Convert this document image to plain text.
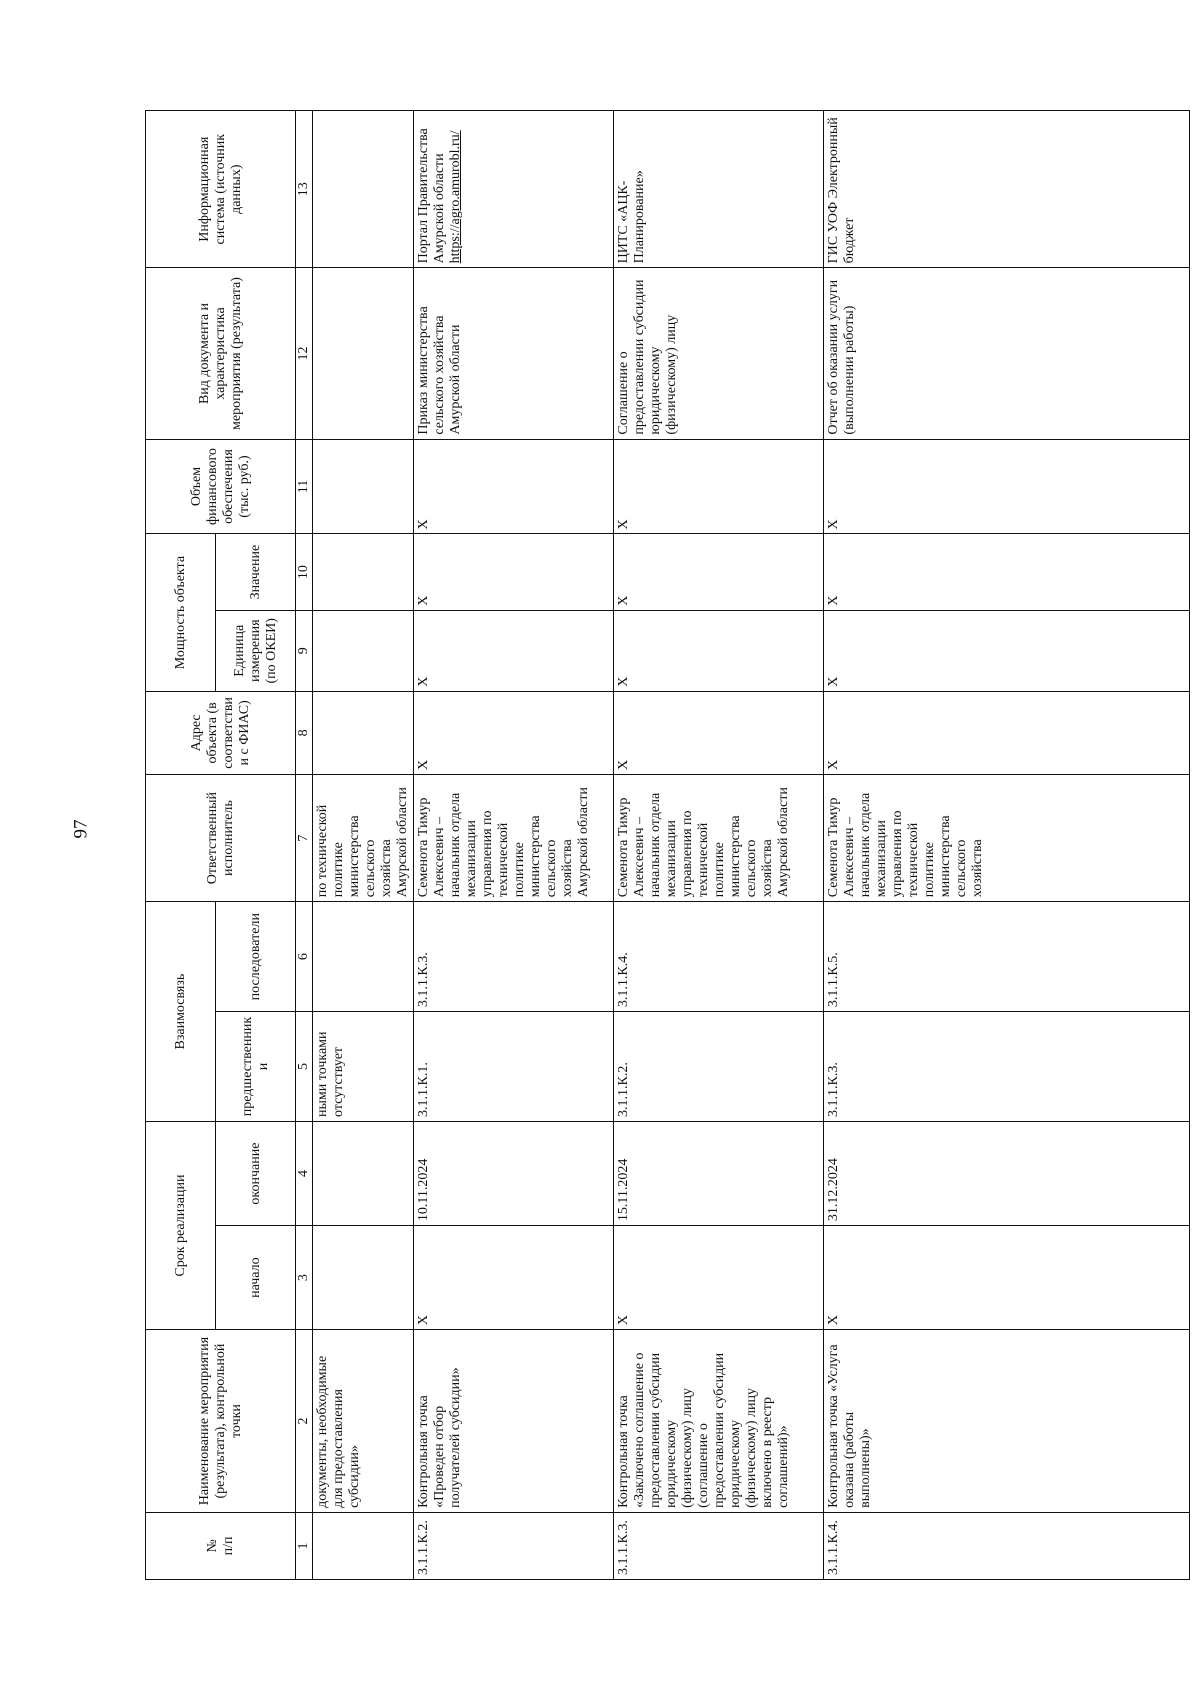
97
№
п/п	Наименование мероприятия (результата), контрольной точки	Срок реализации		Взаимосвязь		Ответственный исполнитель	Адрес объекта (в соответствии с ФИАС)	Мощность объекта		Объем финансового обеспечения (тыс. руб.)	Вид документа и характеристика мероприятия (результата)	Информационная система (источник данных)
		начало	окончание	предшественники	последователи			Единица измерения (по ОКЕИ)	Значение			
1	2	3	4	5	6	7	8	9	10	11	12	13
	документы, необходимые для предоставления субсидии»			ными точками отсутствует		по технической политике министерства сельского хозяйства Амурской области						
3.1.1.К.2.	Контрольная точка «Проведен отбор получателей субсидии»	X	10.11.2024	3.1.1.К.1.	3.1.1.К.3.	Семенота Тимур Алексеевич – начальник отдела механизации управления по технической политике министерства сельского хозяйства Амурской области	X	X	X	X	Приказ министерства сельского хозяйства Амурской области	Портал Правительства Амурской области https://agro.amurobl.ru/
3.1.1.К.3.	Контрольная точка «Заключено соглашение о предоставлении субсидии юридическому (физическому) лицу (соглашение о предоставлении субсидии юридическому (физическому) лицу включено в реестр соглашений)»	X	15.11.2024	3.1.1.К.2.	3.1.1.К.4.	Семенота Тимур Алексеевич – начальник отдела механизации управления по технической политике министерства сельского хозяйства Амурской области	X	X	X	X	Соглашение о предоставлении субсидии юридическому (физическому) лицу	ЦИТС «АЦК-Планирование»
3.1.1.К.4.	Контрольная точка «Услуга оказана (работы выполнены)»	X	31.12.2024	3.1.1.К.3.	3.1.1.К.5.	Семенота Тимур Алексеевич – начальник отдела механизации управления по технической политике министерства сельского хозяйства	X	X	X	X	Отчет об оказании услуги (выполнении работы)	ГИС УОФ Электронный бюджет
